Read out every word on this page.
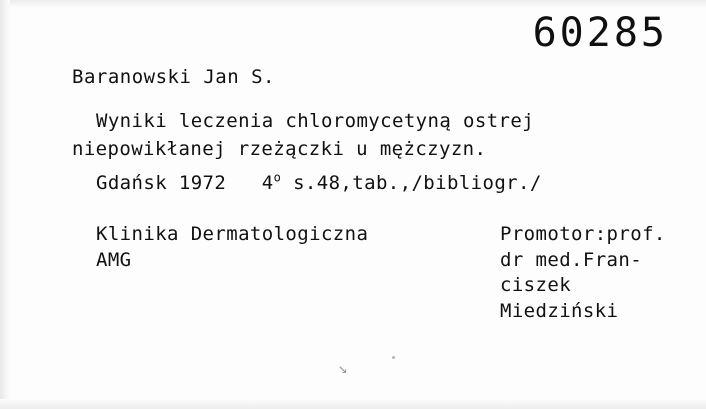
60285
Baranowski Jan S.
Wyniki leczenia chloromycetyną ostrej
niepowikłanej rzeżączki u mężczyzn.
Gdańsk 1972 4$^o$ s.48,tab.,/bibliogr./
Klinika Dermatologiczna
AMG
Promotor:prof.
dr med.Fran-
ciszek
Miedziński
↘
